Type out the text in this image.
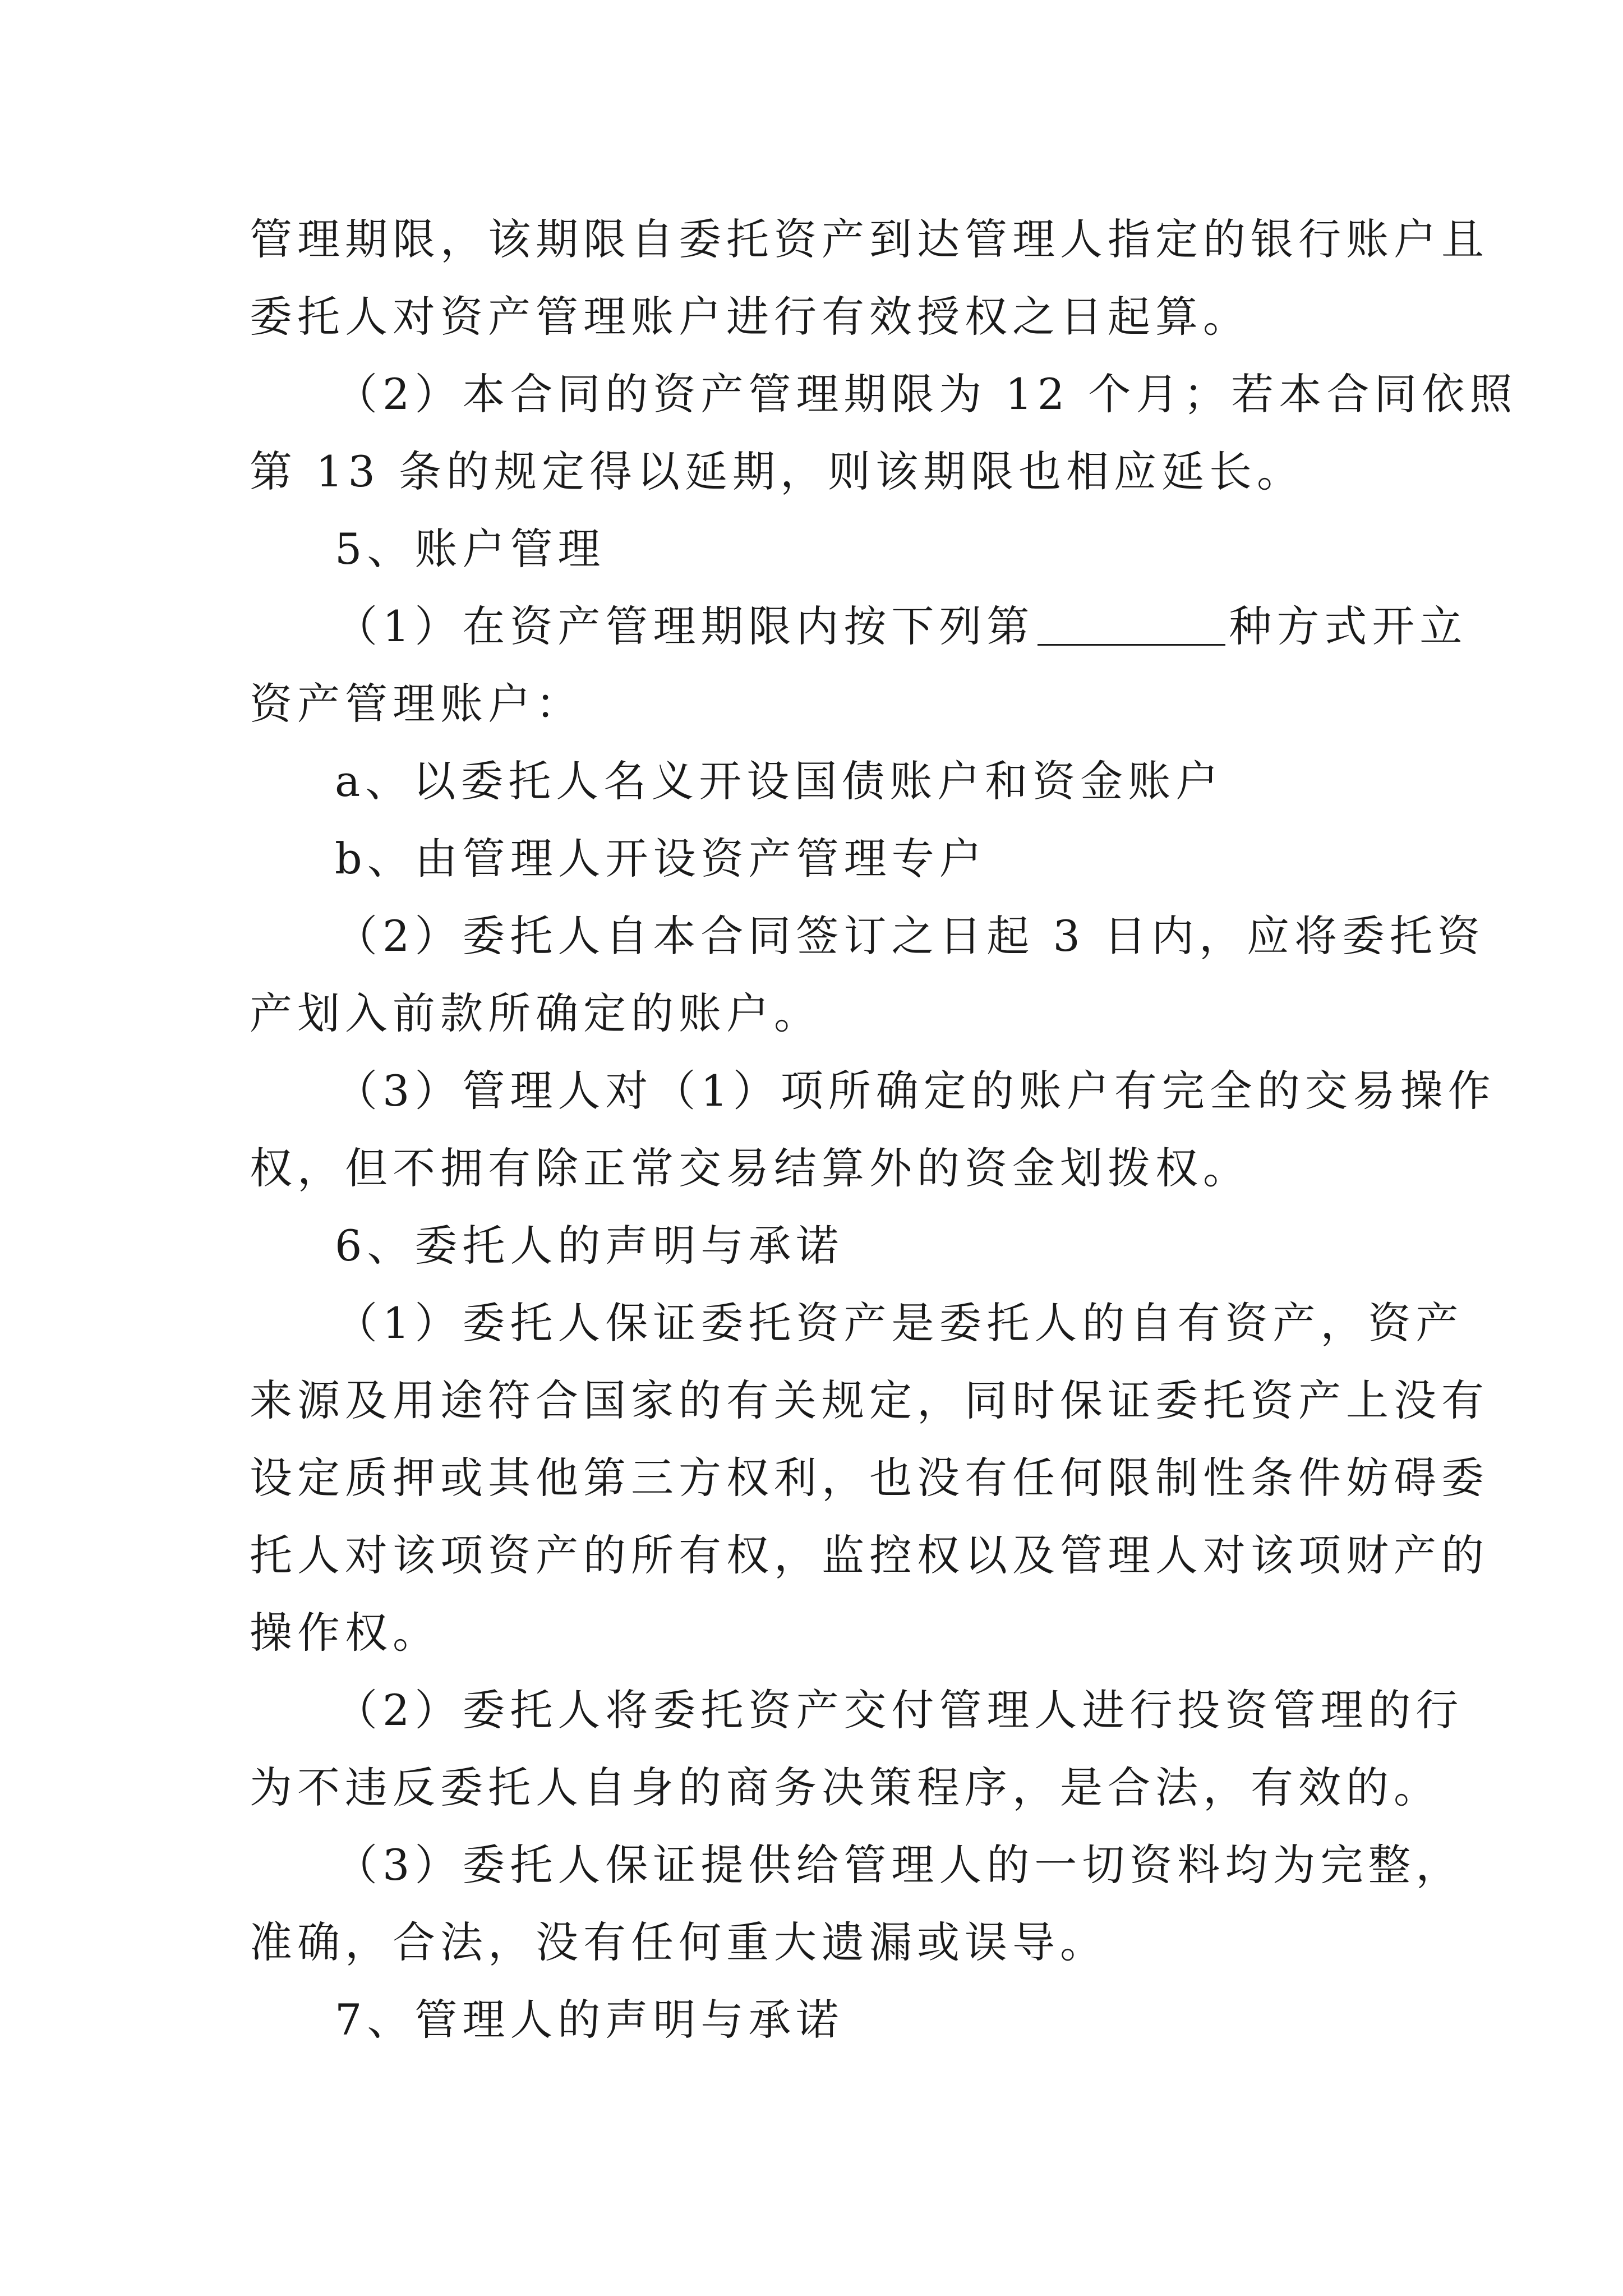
管理期限，该期限自委托资产到达管理人指定的银行账户且
委托人对资产管理账户进行有效授权之日起算。
（2）本合同的资产管理期限为 12 个月；若本合同依照
第 13 条的规定得以延期，则该期限也相应延长。
5、账户管理
（1）在资产管理期限内按下列第	种方式开立
资产管理账户：
a、以委托人名义开设国债账户和资金账户
b、由管理人开设资产管理专户
（2）委托人自本合同签订之日起 3 日内，应将委托资
产划入前款所确定的账户。
（3）管理人对（1）项所确定的账户有完全的交易操作
权，但不拥有除正常交易结算外的资金划拨权。
6、委托人的声明与承诺
（1）委托人保证委托资产是委托人的自有资产，资产
来源及用途符合国家的有关规定，同时保证委托资产上没有
设定质押或其他第三方权利，也没有任何限制性条件妨碍委
托人对该项资产的所有权，监控权以及管理人对该项财产的
操作权。
（2）委托人将委托资产交付管理人进行投资管理的行
为不违反委托人自身的商务决策程序，是合法，有效的。
（3）委托人保证提供给管理人的一切资料均为完整，
准确，合法，没有任何重大遗漏或误导。
7、管理人的声明与承诺
